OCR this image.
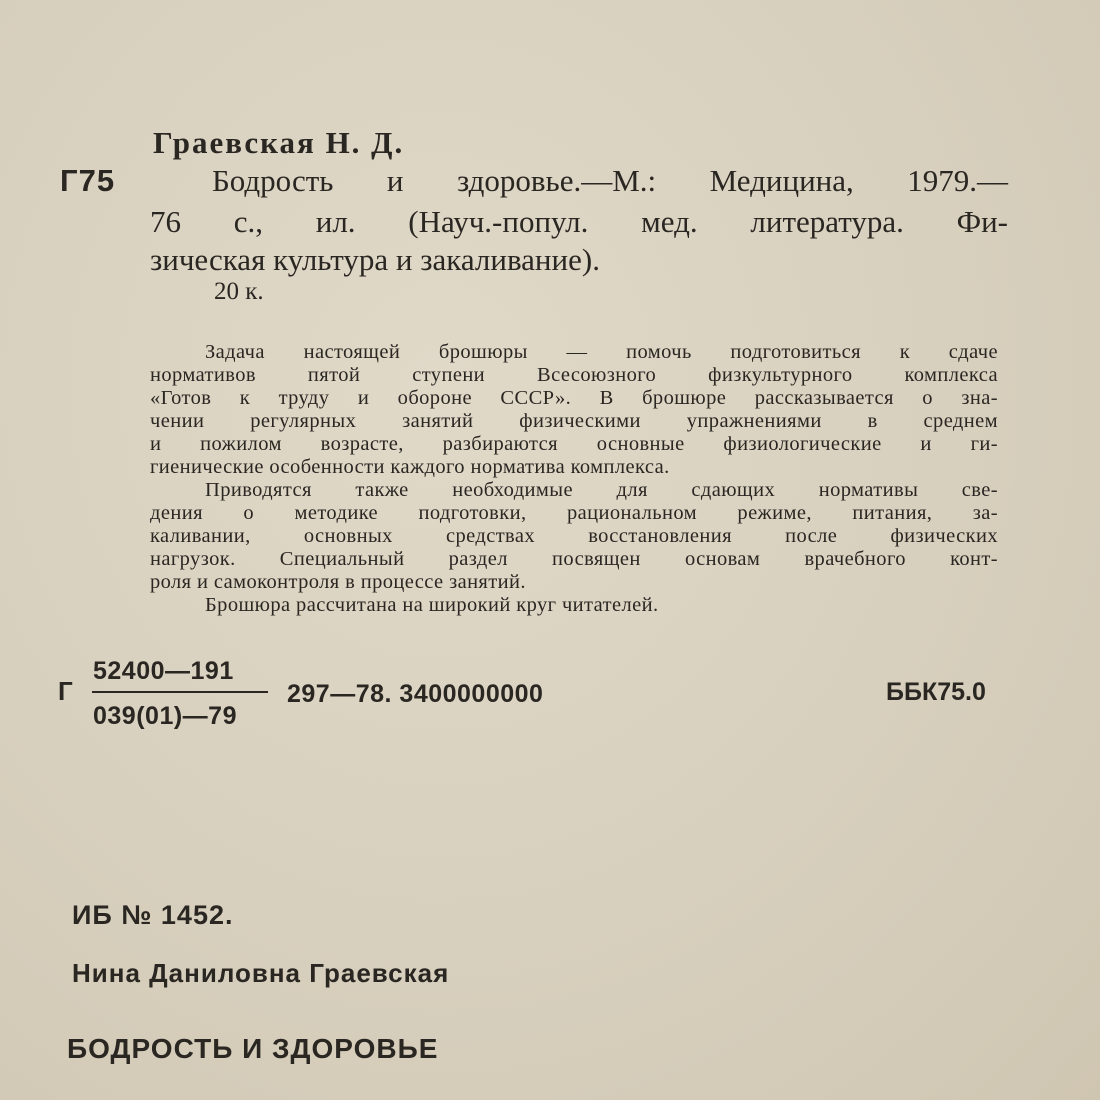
Граевская Н. Д.
Г75	Бодрость и здоровье.—М.: Медицина, 1979.—
76 с., ил. (Науч.-попул. мед. литература. Фи-
зическая культура и закаливание).
20 к.
Задача настоящей брошюры — помочь подготовиться к сдаче
нормативов пятой ступени Всесоюзного физкультурного комплекса
«Готов к труду и обороне СССР». В брошюре рассказывается о зна-
чении регулярных занятий физическими упражнениями в среднем
и пожилом возрасте, разбираются основные физиологические и ги-
гиенические особенности каждого норматива комплекса.
Приводятся также необходимые для сдающих нормативы све-
дения о методике подготовки, рациональном режиме, питания, за-
каливании, основных средствах восстановления после физических
нагрузок. Специальный раздел посвящен основам врачебного конт-
роля и самоконтроля в процессе занятий.
Брошюра рассчитана на широкий круг читателей.
Г
52400—191
039(01)—79
297—78. 3400000000	ББК75.0
ИБ № 1452.
Нина Даниловна Граевская
БОДРОСТЬ И ЗДОРОВЬЕ
